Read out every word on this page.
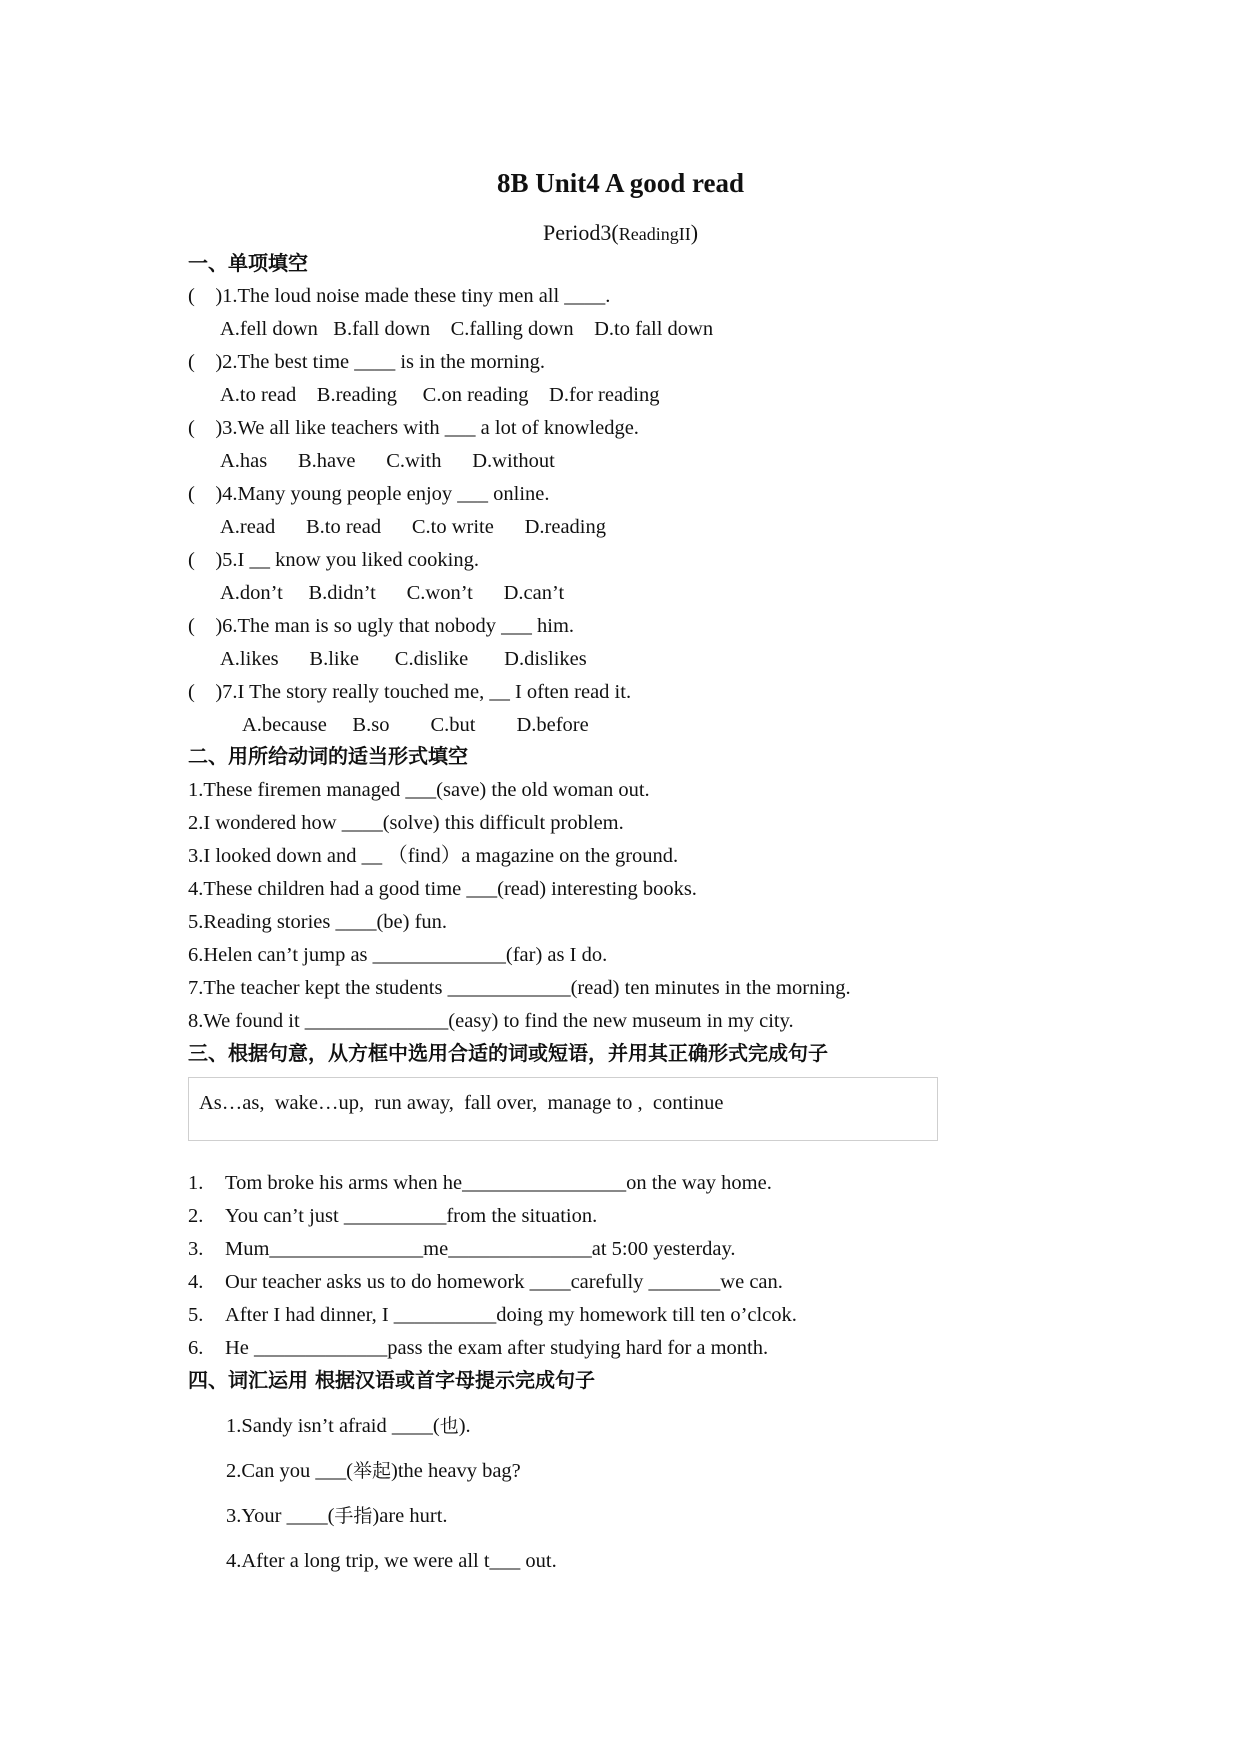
8B Unit4 A good read
Period3(ReadingII)
一、单项填空
(    )1.The loud noise made these tiny men all ____.
A.fell down   B.fall down    C.falling down    D.to fall down
(    )2.The best time ____ is in the morning.
A.to read    B.reading     C.on reading    D.for reading
(    )3.We all like teachers with ___ a lot of knowledge.
A.has      B.have      C.with      D.without
(    )4.Many young people enjoy ___ online.
A.read      B.to read      C.to write      D.reading
(    )5.I __ know you liked cooking.
A.don’t     B.didn’t      C.won’t      D.can’t
(    )6.The man is so ugly that nobody ___ him.
A.likes      B.like       C.dislike       D.dislikes
(    )7.I The story really touched me, __ I often read it.
A.because     B.so        C.but        D.before
二、用所给动词的适当形式填空
1.These firemen managed ___(save) the old woman out.
2.I wondered how ____(solve) this difficult problem.
3.I looked down and __ （find）a magazine on the ground.
4.These children had a good time ___(read) interesting books.
5.Reading stories ____(be) fun.
6.Helen can’t jump as _____________(far) as I do.
7.The teacher kept the students ____________(read) ten minutes in the morning.
8.We found it ______________(easy) to find the new museum in my city.
三、根据句意，从方框中选用合适的词或短语，并用其正确形式完成句子
As…as,  wake…up,  run away,  fall over,  manage to ,  continue
1. Tom broke his arms when he________________on the way home.
2. You can’t just __________from the situation.
3. Mum_______________me______________at 5:00 yesterday.
4. Our teacher asks us to do homework ____carefully _______we can.
5. After I had dinner, I __________doing my homework till ten o’clcok.
6. He _____________pass the exam after studying hard for a month.
四、词汇运用 根据汉语或首字母提示完成句子
1.Sandy isn’t afraid ____(也).
2.Can you ___(举起)the heavy bag?
3.Your ____(手指)are hurt.
4.After a long trip, we were all t___ out.
